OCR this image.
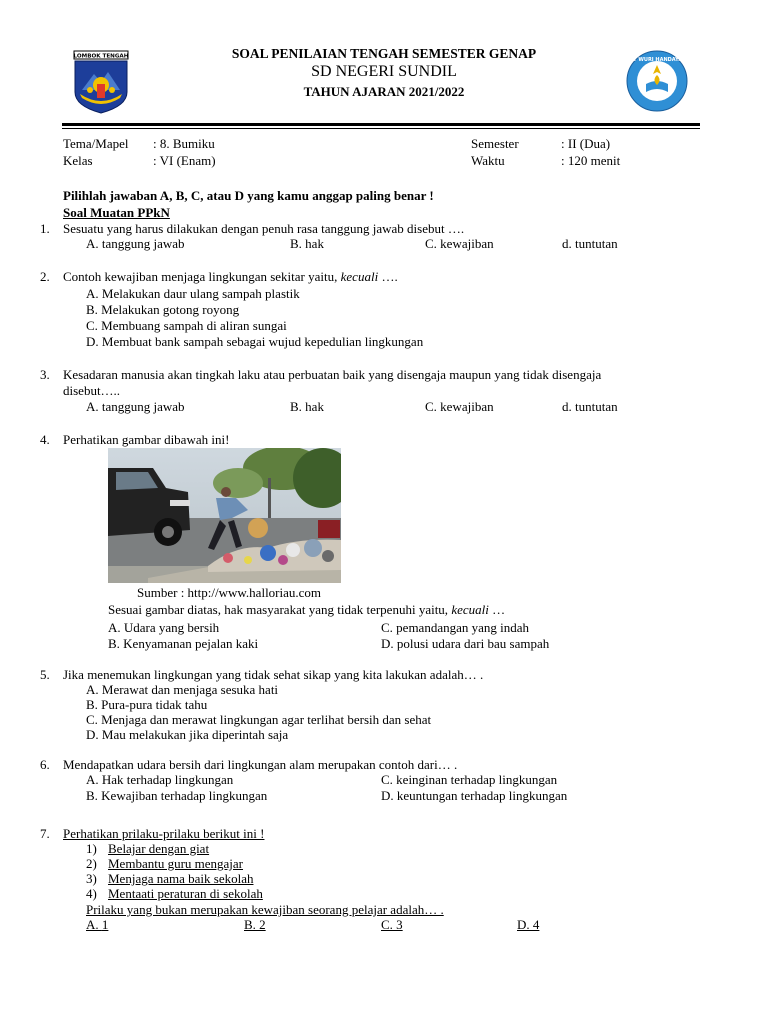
LOMBOK TENGAH
TUT WURI HANDAYANI
SOAL PENILAIAN TENGAH SEMESTER GENAP
SD NEGERI SUNDIL
TAHUN AJARAN 2021/2022
Tema/Mapel : 8. Bumiku
Kelas	: VI (Enam)
Semester	: II (Dua)
Waktu	: 120 menit
Pilihlah jawaban A, B, C, atau D yang kamu anggap paling benar !
Soal Muatan PPkN
1. Sesuatu yang harus dilakukan dengan penuh rasa tanggung jawab disebut ….
A. tanggung jawab	B. hak	C. kewajiban	d. tuntutan
2. Contoh kewajiban menjaga lingkungan sekitar yaitu, kecuali ….
A. Melakukan daur ulang sampah plastik
B. Melakukan gotong royong
C. Membuang sampah di aliran sungai
D. Membuat bank sampah sebagai wujud kepedulian lingkungan
3. Kesadaran manusia akan tingkah laku atau perbuatan baik yang disengaja maupun yang tidak disengaja
disebut…..
A. tanggung jawab	B. hak	C. kewajiban	d. tuntutan
4. Perhatikan gambar dibawah ini!
Sumber : http://www.halloriau.com
Sesuai gambar diatas, hak masyarakat yang tidak terpenuhi yaitu, kecuali …
A. Udara yang bersih
B. Kenyamanan pejalan kaki
C. pemandangan yang indah
D. polusi udara dari bau sampah
5. Jika menemukan lingkungan yang tidak sehat sikap yang kita lakukan adalah… .
A. Merawat dan menjaga sesuka hati
B. Pura-pura tidak tahu
C. Menjaga dan merawat lingkungan agar terlihat bersih dan sehat
D. Mau melakukan jika diperintah saja
6. Mendapatkan udara bersih dari lingkungan alam merupakan contoh dari… .
A. Hak terhadap lingkungan
B. Kewajiban terhadap lingkungan
C. keinginan terhadap lingkungan
D. keuntungan terhadap lingkungan
7. Perhatikan prilaku-prilaku berikut ini !
1) Belajar dengan giat
2) Membantu guru mengajar
3) Menjaga nama baik sekolah
4) Mentaati peraturan di sekolah
Prilaku yang bukan merupakan kewajiban seorang pelajar adalah… .
A. 1	B. 2	C. 3	D. 4
